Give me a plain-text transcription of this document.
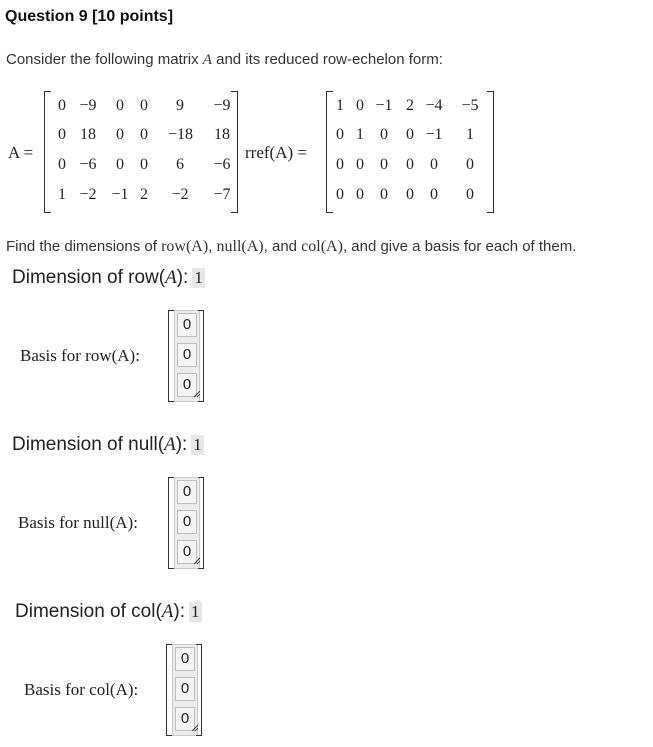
Question 9 [10 points]
Consider the following matrix A and its reduced row-echelon form:
A =
0 −9	0	0	9	−9
0 18	0	0	−18 18
0 −6	0	0	6	−6
1 −2 −1 2	−2 −7
rref(A) =
1 0 −1 2 −4 −5
0 1	0	0 −1	1
0 0	0	0	0	0
0 0	0	0	0	0
Find the dimensions of row(A), null(A), and col(A), and give a basis for each of them.
Dimension of row(A): 1
Basis for row(A):
0
0
0
Dimension of null(A): 1
Basis for null(A):
0
0
0
Dimension of col(A): 1
Basis for col(A):
0
0
0
